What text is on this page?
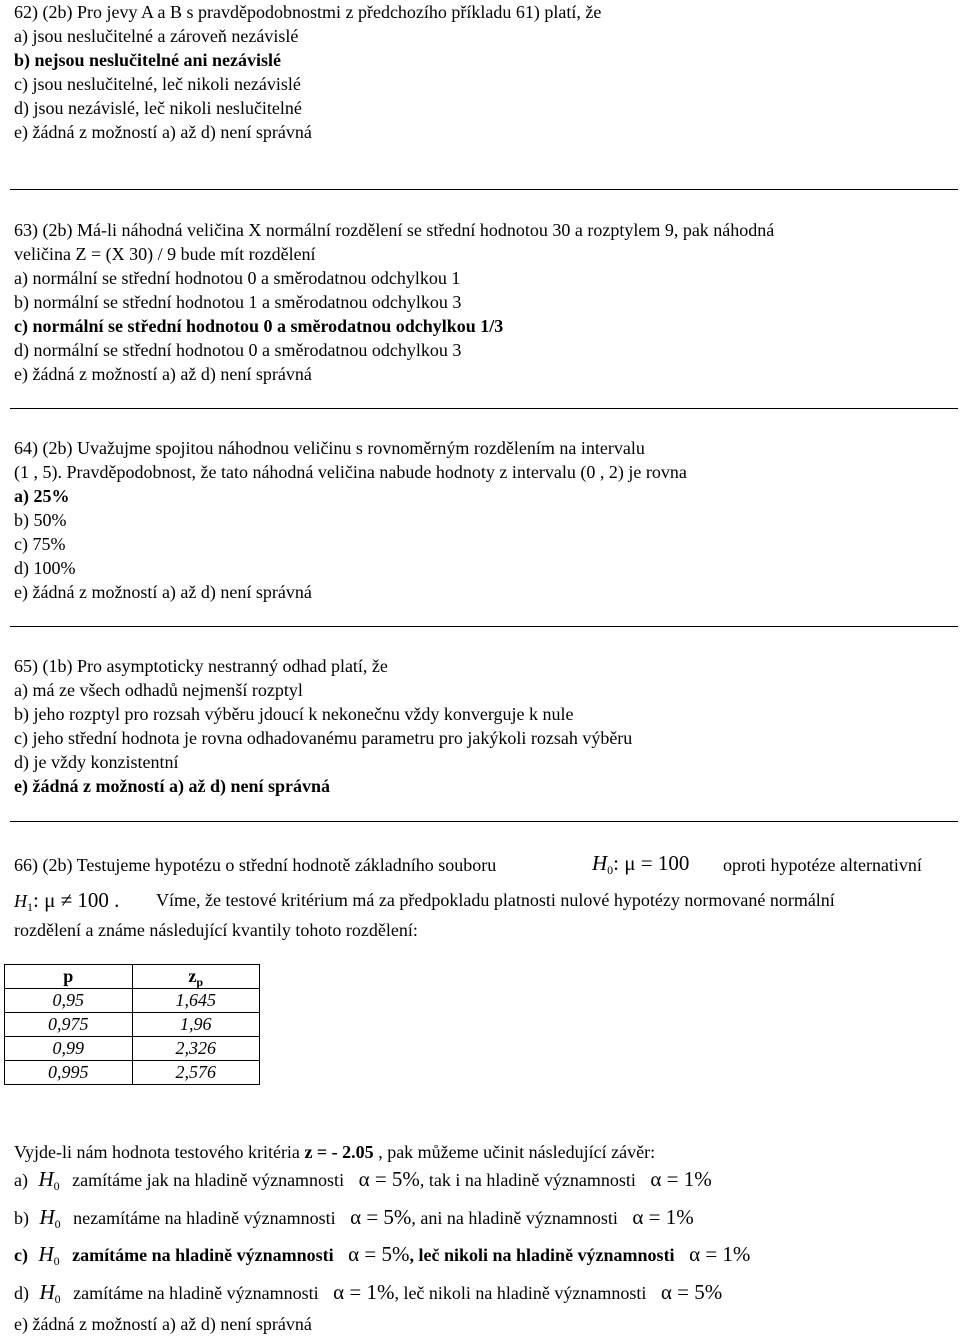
62) (2b) Pro jevy A a B s pravděpodobnostmi z předchozího příkladu 61) platí, že
a) jsou neslučitelné a zároveň nezávislé
b) nejsou neslučitelné ani nezávislé
c) jsou neslučitelné, leč nikoli nezávislé
d) jsou nezávislé, leč nikoli neslučitelné
e) žádná z možností a) až d) není správná
63) (2b) Má-li náhodná veličina X normální rozdělení se střední hodnotou 30 a rozptylem 9, pak náhodná
veličina Z = (X 30) / 9 bude mít rozdělení
a) normální se střední hodnotou 0 a směrodatnou odchylkou 1
b) normální se střední hodnotou 1 a směrodatnou odchylkou 3
c) normální se střední hodnotou 0 a směrodatnou odchylkou 1/3
d) normální se střední hodnotou 0 a směrodatnou odchylkou 3
e) žádná z možností a) až d) není správná
64) (2b) Uvažujme spojitou náhodnou veličinu s rovnoměrným rozdělením na intervalu
(1 , 5). Pravděpodobnost, že tato náhodná veličina nabude hodnoty z intervalu (0 , 2) je rovna
a) 25%
b) 50%
c) 75%
d) 100%
e) žádná z možností a) až d) není správná
65) (1b) Pro asymptoticky nestranný odhad platí, že
a) má ze všech odhadů nejmenší rozptyl
b) jeho rozptyl pro rozsah výběru jdoucí k nekonečnu vždy konverguje k nule
c) jeho střední hodnota je rovna odhadovanému parametru pro jakýkoli rozsah výběru
d) je vždy konzistentní
e) žádná z možností a) až d) není správná
66) (2b) Testujeme hypotézu o střední hodnotě základního souboru	$H_0$: μ = 100 oproti hypotéze alternativní
$H_1$: μ ≠ 100 . Víme, že testové kritérium má za předpokladu platnosti nulové hypotézy normované normální
rozdělení a známe následující kvantily tohoto rozdělení:
p	$z_p$
0,95	1,645
0,975	1,96
0,99	2,326
0,995	2,576
Vyjde-li nám hodnota testového kritéria z = - 2.05 , pak můžeme učinit následující závěr:
a) $H_0$ zamítáme jak na hladině významnosti α = 5%, tak i na hladině významnosti α = 1%
b) $H_0$ nezamítáme na hladině významnosti α = 5%, ani na hladině významnosti α = 1%
c) $H_0$ zamítáme na hladině významnosti α = 5%, leč nikoli na hladině významnosti α = 1%
d) $H_0$ zamítáme na hladině významnosti α = 1%, leč nikoli na hladině významnosti α = 5%
e) žádná z možností a) až d) není správná
